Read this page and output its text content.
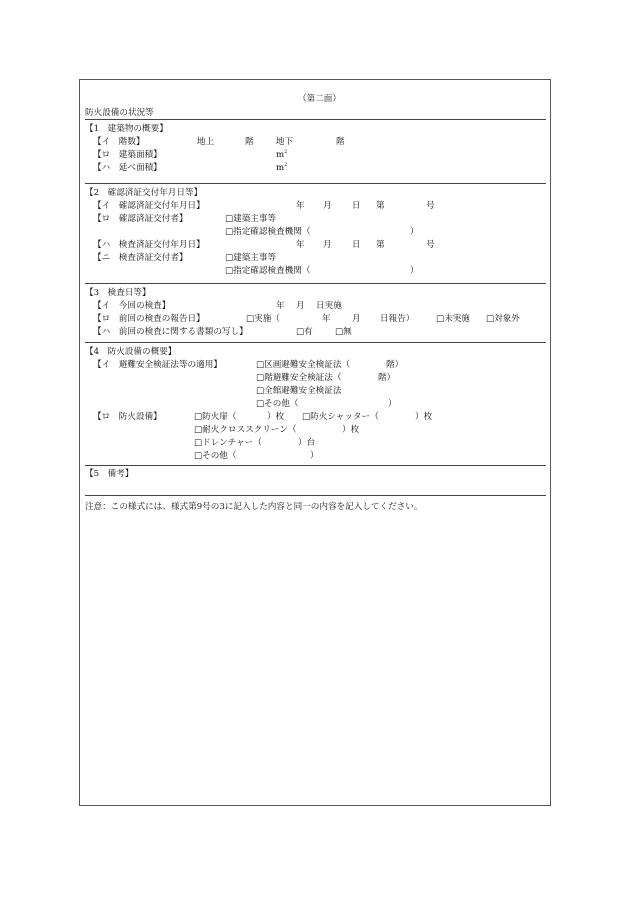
（第二面）
防火設備の状況等
【1　建築物の概要】
【イ　階数】	地上	階	地下	階
【ロ　建築面積】	$m^2$
【ハ　延べ面積】	$m^2$
【2　確認済証交付年月日等】
【イ　確認済証交付年月日】	年 月 日 第	号
【ロ　確認済証交付者】	□建築主事等
□指定確認検査機関（	）
【ハ　検査済証交付年月日】	年 月 日 第	号
【ニ　検査済証交付者】	□建築主事等
□指定確認検査機関（	）
【3　検査日等】
【イ　今回の検査】	年 月 日実施
【ロ　前回の検査の報告日】	□実施（	年 月 日報告）	□未実施 □対象外
【ハ　前回の検査に関する書類の写し】	□有	□無
【4　防火設備の概要】
【イ　避難安全検証法等の適用】	□区画避難安全検証法（	階）
□階避難安全検証法（	階）
□全館避難安全検証法
□その他（	）
【ロ　防火設備】	□防火扉（	）枚 □防火シャッター（	）枚
□耐火クロススクリーン（	）枚
□ドレンチャー（	）台
□その他（	）
【5　備考】
注意：この様式には、様式第9号の3に記入した内容と同一の内容を記入してください。
